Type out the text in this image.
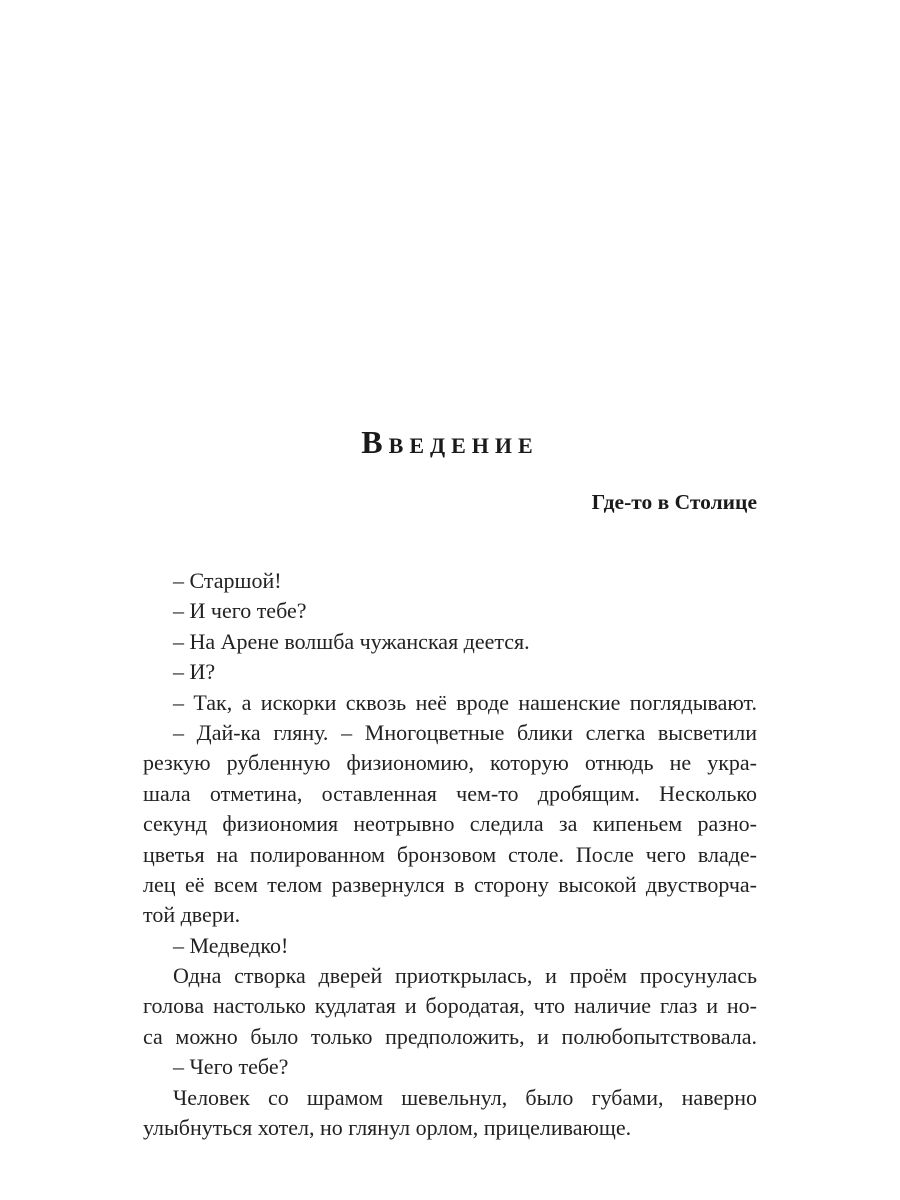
ВВЕДЕНИЕ
Где-то в Столице
– Старшой!
– И чего тебе?
– На Арене волшба чужанская деется.
– И?
– Так, а искорки сквозь неё вроде нашенские поглядывают.
– Дай-ка гляну. – Многоцветные блики слегка высветили
резкую рубленную физиономию, которую отнюдь не укра-
шала отметина, оставленная чем-то дробящим. Несколько
секунд физиономия неотрывно следила за кипеньем разно-
цветья на полированном бронзовом столе. После чего владе-
лец её всем телом развернулся в сторону высокой двустворча-
той двери.
– Медведко!
Одна створка дверей приоткрылась, и проём просунулась
голова настолько кудлатая и бородатая, что наличие глаз и но-
са можно было только предположить, и полюбопытствовала.
– Чего тебе?
Человек со шрамом шевельнул, было губами, наверно
улыбнуться хотел, но глянул орлом, прицеливающе.
